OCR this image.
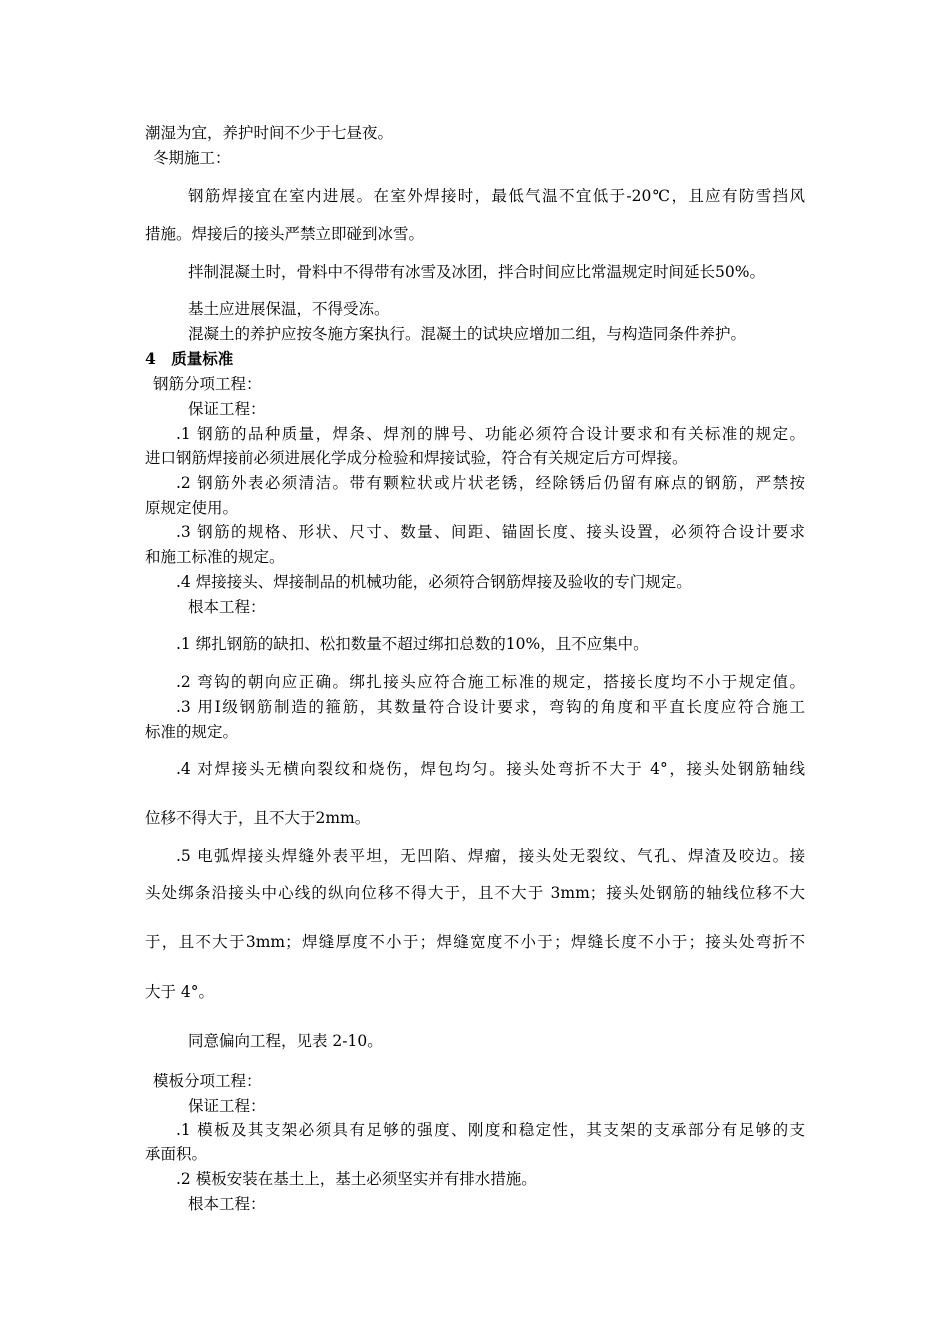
潮湿为宜，养护时间不少于七昼夜。
冬期施工：
钢筋焊接宜在室内进展。在室外焊接时，最低气温不宜低于-20℃，且应有防雪挡风
措施。焊接后的接头严禁立即碰到冰雪。
拌制混凝土时，骨料中不得带有冰雪及冰团，拌合时间应比常温规定时间延长50%。
基土应进展保温，不得受冻。
混凝土的养护应按冬施方案执行。混凝土的试块应增加二组，与构造同条件养护。
4　质量标准
钢筋分项工程：
保证工程：
.1 钢筋的品种质量，焊条、焊剂的牌号、功能必须符合设计要求和有关标准的规定。
进口钢筋焊接前必须进展化学成分检验和焊接试验，符合有关规定后方可焊接。
.2 钢筋外表必须清洁。带有颗粒状或片状老锈，经除锈后仍留有麻点的钢筋，严禁按
原规定使用。
.3 钢筋的规格、形状、尺寸、数量、间距、锚固长度、接头设置，必须符合设计要求
和施工标准的规定。
.4 焊接接头、焊接制品的机械功能，必须符合钢筋焊接及验收的专门规定。
根本工程：
.1 绑扎钢筋的缺扣、松扣数量不超过绑扣总数的10%，且不应集中。
.2 弯钩的朝向应正确。绑扎接头应符合施工标准的规定，搭接长度均不小于规定值。
.3 用Ⅰ级钢筋制造的箍筋，其数量符合设计要求，弯钩的角度和平直长度应符合施工
标准的规定。
.4 对焊接头无横向裂纹和烧伤，焊包均匀。接头处弯折不大于 4°，接头处钢筋轴线
位移不得大于，且不大于2mm。
.5 电弧焊接头焊缝外表平坦，无凹陷、焊瘤，接头处无裂纹、气孔、焊渣及咬边。接
头处绑条沿接头中心线的纵向位移不得大于，且不大于 3mm；接头处钢筋的轴线位移不大
于，且不大于3mm；焊缝厚度不小于；焊缝宽度不小于；焊缝长度不小于；接头处弯折不
大于 4°。
同意偏向工程，见表 2-10。
模板分项工程：
保证工程：
.1 模板及其支架必须具有足够的强度、刚度和稳定性，其支架的支承部分有足够的支
承面积。
.2 模板安装在基土上，基土必须坚实并有排水措施。
根本工程：
